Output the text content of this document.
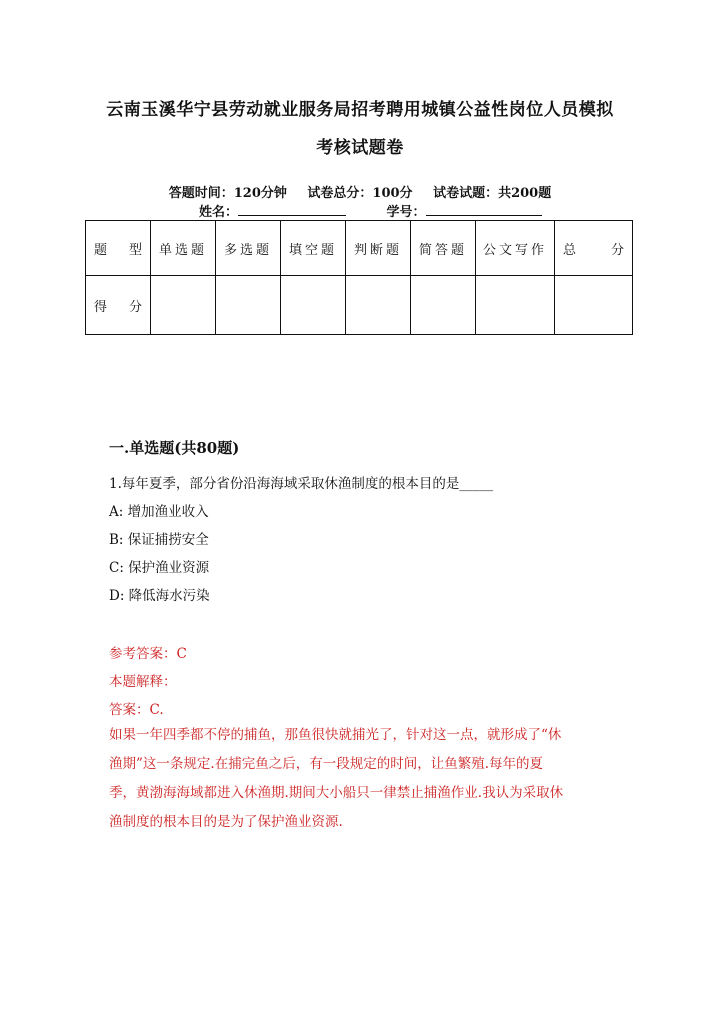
云南玉溪华宁县劳动就业服务局招考聘用城镇公益性岗位人员模拟
考核试题卷
答题时间：120分钟 试卷总分：100分 试卷试题：共200题
姓名：	学号：
题 型	单选题	多选题	填空题	判断题	简答题	公文写作	总 分

得 分							

一.单选题(共80题)
1.每年夏季，部分省份沿海海域采取休渔制度的根本目的是_____
A: 增加渔业收入
B: 保证捕捞安全
C: 保护渔业资源
D: 降低海水污染
参考答案：C
本题解释：
答案：C.
如果一年四季都不停的捕鱼，那鱼很快就捕光了，针对这一点，就形成了“休
渔期”这一条规定.在捕完鱼之后，有一段规定的时间，让鱼繁殖.每年的夏
季，黄渤海海域都进入休渔期.期间大小船只一律禁止捕渔作业.我认为采取休
渔制度的根本目的是为了保护渔业资源.
